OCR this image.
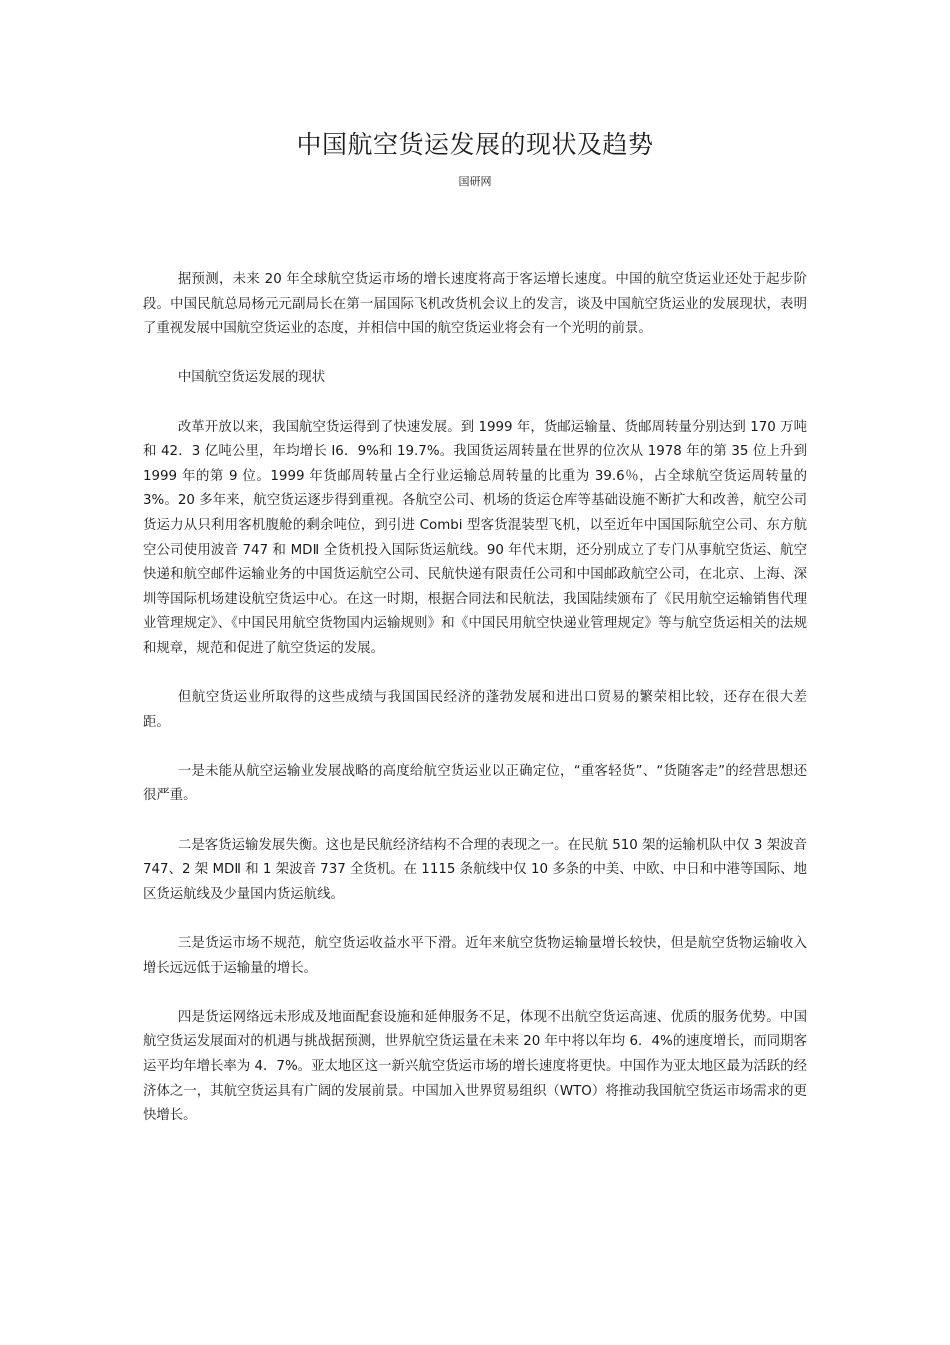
中国航空货运发展的现状及趋势
国研网

据预测，未来 20 年全球航空货运市场的增长速度将高于客运增长速度。中国的航空货运业还处于起步阶段。中国民航总局杨元元副局长在第一届国际飞机改货机会议上的发言，谈及中国航空货运业的发展现状，表明了重视发展中国航空货运业的态度，并相信中国的航空货运业将会有一个光明的前景。

中国航空货运发展的现状

改革开放以来，我国航空货运得到了快速发展。到 1999 年，货邮运输量、货邮周转量分别达到 170 万吨和 42．3 亿吨公里，年均增长 I6．9%和 19.7%。我国货运周转量在世界的位次从 1978 年的第 35 位上升到 1999 年的第 9 位。1999 年货邮周转量占全行业运输总周转量的比重为 39.6％，占全球航空货运周转量的 3%。20 多年来，航空货运逐步得到重视。各航空公司、机场的货运仓库等基础设施不断扩大和改善，航空公司货运力从只利用客机腹舱的剩余吨位，到引进 Combi 型客货混装型飞机，以至近年中国国际航空公司、东方航空公司使用波音 747 和 MDⅡ 全货机投入国际货运航线。90 年代末期，还分别成立了专门从事航空货运、航空快递和航空邮件运输业务的中国货运航空公司、民航快递有限责任公司和中国邮政航空公司，在北京、上海、深圳等国际机场建设航空货运中心。在这一时期，根据合同法和民航法，我国陆续颁布了《民用航空运输销售代理业管理规定》、《中国民用航空货物国内运输规则》和《中国民用航空快递业管理规定》等与航空货运相关的法规和规章，规范和促进了航空货运的发展。

但航空货运业所取得的这些成绩与我国国民经济的蓬勃发展和进出口贸易的繁荣相比较，还存在很大差距。

一是未能从航空运输业发展战略的高度给航空货运业以正确定位，“重客轻货”、“货随客走”的经营思想还很严重。

二是客货运输发展失衡。这也是民航经济结构不合理的表现之一。在民航 510 架的运输机队中仅 3 架波音 747、2 架 MDⅡ 和 1 架波音 737 全货机。在 1115 条航线中仅 10 多条的中美、中欧、中日和中港等国际、地区货运航线及少量国内货运航线。

三是货运市场不规范，航空货运收益水平下滑。近年来航空货物运输量增长较快，但是航空货物运输收入增长远远低于运输量的增长。

四是货运网络远未形成及地面配套设施和延伸服务不足，体现不出航空货运高速、优质的服务优势。中国航空货运发展面对的机遇与挑战据预测，世界航空货运量在未来 20 年中将以年均 6．4%的速度增长，而同期客运平均年增长率为 4．7%。亚太地区这一新兴航空货运市场的增长速度将更快。中国作为亚太地区最为活跃的经济体之一，其航空货运具有广阔的发展前景。中国加入世界贸易组织（WTO）将推动我国航空货运市场需求的更快增长。
